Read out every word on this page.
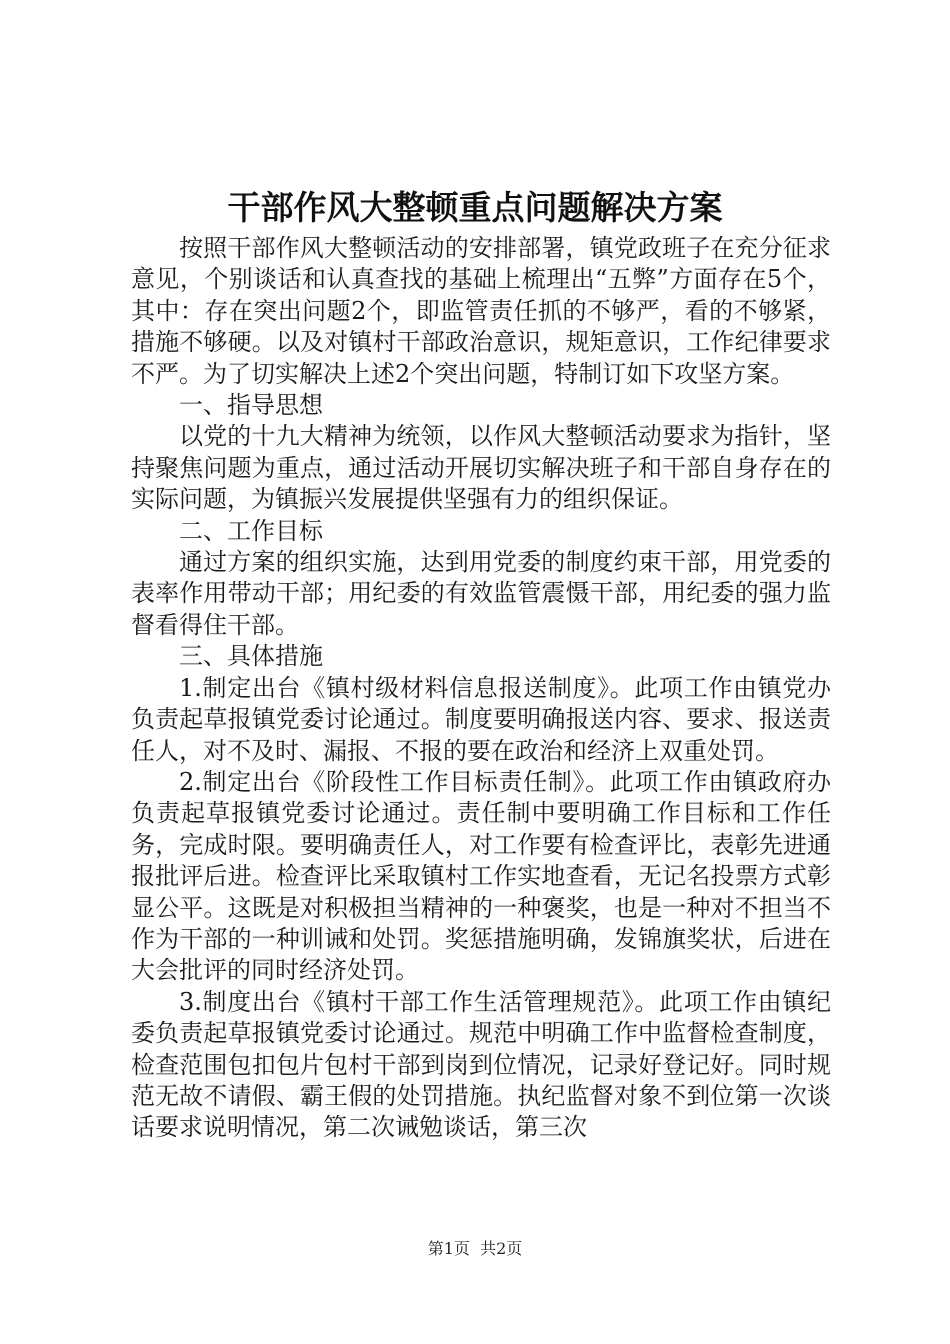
干部作风大整顿重点问题解决方案

按照干部作风大整顿活动的安排部署，镇党政班子在充分征求意见，个别谈话和认真查找的基础上梳理出“五弊”方面存在5个，其中：存在突出问题2个，即监管责任抓的不够严，看的不够紧，措施不够硬。以及对镇村干部政治意识，规矩意识，工作纪律要求不严。为了切实解决上述2个突出问题，特制订如下攻坚方案。

一、指导思想

以党的十九大精神为统领，以作风大整顿活动要求为指针，坚持聚焦问题为重点，通过活动开展切实解决班子和干部自身存在的实际问题，为镇振兴发展提供坚强有力的组织保证。

二、工作目标

通过方案的组织实施，达到用党委的制度约束干部，用党委的表率作用带动干部；用纪委的有效监管震慑干部，用纪委的强力监督看得住干部。

三、具体措施

1.制定出台《镇村级材料信息报送制度》。此项工作由镇党办负责起草报镇党委讨论通过。制度要明确报送内容、要求、报送责任人，对不及时、漏报、不报的要在政治和经济上双重处罚。

2.制定出台《阶段性工作目标责任制》。此项工作由镇政府办负责起草报镇党委讨论通过。责任制中要明确工作目标和工作任务，完成时限。要明确责任人，对工作要有检查评比，表彰先进通报批评后进。检查评比采取镇村工作实地查看，无记名投票方式彰显公平。这既是对积极担当精神的一种褒奖，也是一种对不担当不作为干部的一种训诫和处罚。奖惩措施明确，发锦旗奖状，后进在大会批评的同时经济处罚。

3.制度出台《镇村干部工作生活管理规范》。此项工作由镇纪委负责起草报镇党委讨论通过。规范中明确工作中监督检查制度，检查范围包扣包片包村干部到岗到位情况，记录好登记好。同时规范无故不请假、霸王假的处罚措施。执纪监督对象不到位第一次谈话要求说明情况，第二次诫勉谈话，第三次

第1页 共2页
